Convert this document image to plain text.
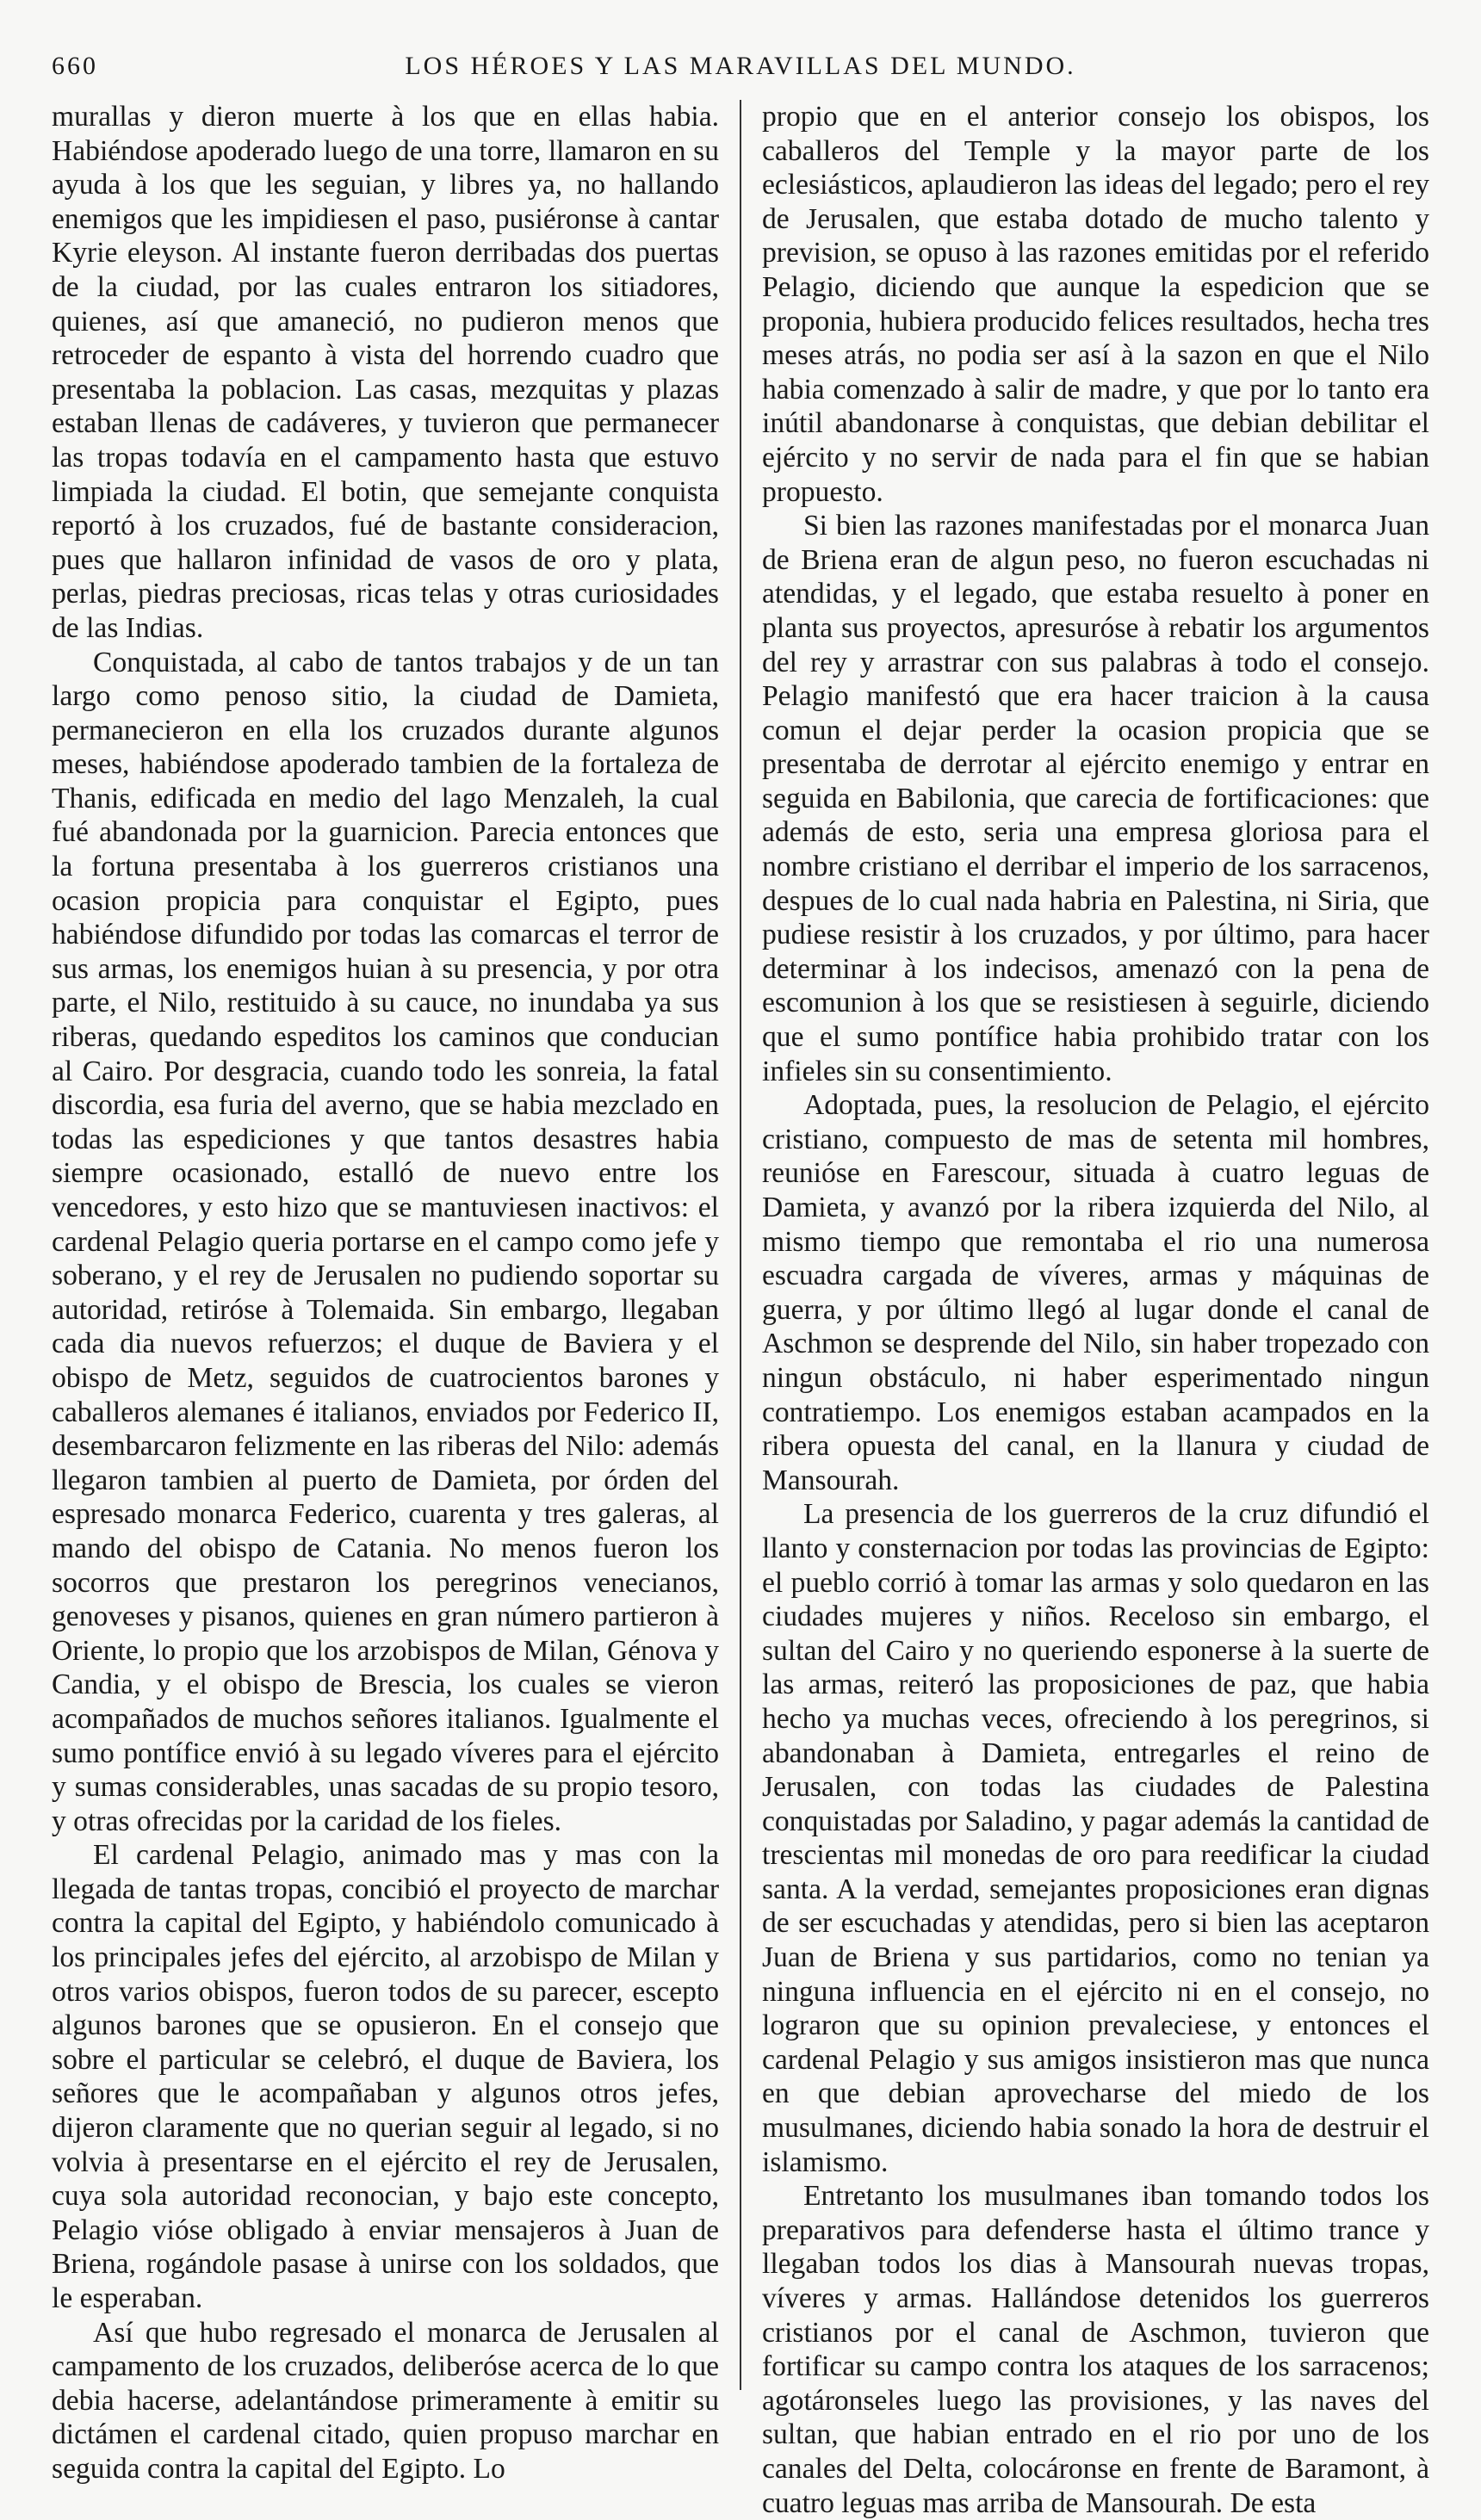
660	LOS HÉROES Y LAS MARAVILLAS DEL MUNDO.

murallas y dieron muerte à los que en ellas habia. Habiéndose apoderado luego de una torre, llamaron en su ayuda à los que les seguian, y libres ya, no hallando enemigos que les impidiesen el paso, pusiéronse à cantar Kyrie eleyson. Al instante fueron derribadas dos puertas de la ciudad, por las cuales entraron los sitiadores, quienes, así que amaneció, no pudieron menos que retroceder de espanto à vista del horrendo cuadro que presentaba la poblacion. Las casas, mezquitas y plazas estaban llenas de cadáveres, y tuvieron que permanecer las tropas todavía en el campamento hasta que estuvo limpiada la ciudad. El botin, que semejante conquista reportó à los cruzados, fué de bastante consideracion, pues que hallaron infinidad de vasos de oro y plata, perlas, piedras preciosas, ricas telas y otras curiosidades de las Indias.

Conquistada, al cabo de tantos trabajos y de un tan largo como penoso sitio, la ciudad de Damieta, permanecieron en ella los cruzados durante algunos meses, habiéndose apoderado tambien de la fortaleza de Thanis, edificada en medio del lago Menzaleh, la cual fué abandonada por la guarnicion. Parecia entonces que la fortuna presentaba à los guerreros cristianos una ocasion propicia para conquistar el Egipto, pues habiéndose difundido por todas las comarcas el terror de sus armas, los enemigos huian à su presencia, y por otra parte, el Nilo, restituido à su cauce, no inundaba ya sus riberas, quedando espeditos los caminos que conducian al Cairo. Por desgracia, cuando todo les sonreia, la fatal discordia, esa furia del averno, que se habia mezclado en todas las espediciones y que tantos desastres habia siempre ocasionado, estalló de nuevo entre los vencedores, y esto hizo que se mantuviesen inactivos: el cardenal Pelagio queria portarse en el campo como jefe y soberano, y el rey de Jerusalen no pudiendo soportar su autoridad, retiróse à Tolemaida. Sin embargo, llegaban cada dia nuevos refuerzos; el duque de Baviera y el obispo de Metz, seguidos de cuatrocientos barones y caballeros alemanes é italianos, enviados por Federico II, desembarcaron felizmente en las riberas del Nilo: además llegaron tambien al puerto de Damieta, por órden del espresado monarca Federico, cuarenta y tres galeras, al mando del obispo de Catania. No menos fueron los socorros que prestaron los peregrinos venecianos, genoveses y pisanos, quienes en gran número partieron à Oriente, lo propio que los arzobispos de Milan, Génova y Candia, y el obispo de Brescia, los cuales se vieron acompañados de muchos señores italianos. Igualmente el sumo pontífice envió à su legado víveres para el ejército y sumas considerables, unas sacadas de su propio tesoro, y otras ofrecidas por la caridad de los fieles.

El cardenal Pelagio, animado mas y mas con la llegada de tantas tropas, concibió el proyecto de marchar contra la capital del Egipto, y habiéndolo comunicado à los principales jefes del ejército, al arzobispo de Milan y otros varios obispos, fueron todos de su parecer, escepto algunos barones que se opusieron. En el consejo que sobre el particular se celebró, el duque de Baviera, los señores que le acompañaban y algunos otros jefes, dijeron claramente que no querian seguir al legado, si no volvia à presentarse en el ejército el rey de Jerusalen, cuya sola autoridad reconocian, y bajo este concepto, Pelagio vióse obligado à enviar mensajeros à Juan de Briena, rogándole pasase à unirse con los soldados, que le esperaban.

Así que hubo regresado el monarca de Jerusalen al campamento de los cruzados, deliberóse acerca de lo que debia hacerse, adelantándose primeramente à emitir su dictámen el cardenal citado, quien propuso marchar en seguida contra la capital del Egipto. Lo

propio que en el anterior consejo los obispos, los caballeros del Temple y la mayor parte de los eclesiásticos, aplaudieron las ideas del legado; pero el rey de Jerusalen, que estaba dotado de mucho talento y prevision, se opuso à las razones emitidas por el referido Pelagio, diciendo que aunque la espedicion que se proponia, hubiera producido felices resultados, hecha tres meses atrás, no podia ser así à la sazon en que el Nilo habia comenzado à salir de madre, y que por lo tanto era inútil abandonarse à conquistas, que debian debilitar el ejército y no servir de nada para el fin que se habian propuesto.

Si bien las razones manifestadas por el monarca Juan de Briena eran de algun peso, no fueron escuchadas ni atendidas, y el legado, que estaba resuelto à poner en planta sus proyectos, apresuróse à rebatir los argumentos del rey y arrastrar con sus palabras à todo el consejo. Pelagio manifestó que era hacer traicion à la causa comun el dejar perder la ocasion propicia que se presentaba de derrotar al ejército enemigo y entrar en seguida en Babilonia, que carecia de fortificaciones: que además de esto, seria una empresa gloriosa para el nombre cristiano el derribar el imperio de los sarracenos, despues de lo cual nada habria en Palestina, ni Siria, que pudiese resistir à los cruzados, y por último, para hacer determinar à los indecisos, amenazó con la pena de escomunion à los que se resistiesen à seguirle, diciendo que el sumo pontífice habia prohibido tratar con los infieles sin su consentimiento.

Adoptada, pues, la resolucion de Pelagio, el ejército cristiano, compuesto de mas de setenta mil hombres, reunióse en Farescour, situada à cuatro leguas de Damieta, y avanzó por la ribera izquierda del Nilo, al mismo tiempo que remontaba el rio una numerosa escuadra cargada de víveres, armas y máquinas de guerra, y por último llegó al lugar donde el canal de Aschmon se desprende del Nilo, sin haber tropezado con ningun obstáculo, ni haber esperimentado ningun contratiempo. Los enemigos estaban acampados en la ribera opuesta del canal, en la llanura y ciudad de Mansourah.

La presencia de los guerreros de la cruz difundió el llanto y consternacion por todas las provincias de Egipto: el pueblo corrió à tomar las armas y solo quedaron en las ciudades mujeres y niños. Receloso sin embargo, el sultan del Cairo y no queriendo esponerse à la suerte de las armas, reiteró las proposiciones de paz, que habia hecho ya muchas veces, ofreciendo à los peregrinos, si abandonaban à Damieta, entregarles el reino de Jerusalen, con todas las ciudades de Palestina conquistadas por Saladino, y pagar además la cantidad de trescientas mil monedas de oro para reedificar la ciudad santa. A la verdad, semejantes proposiciones eran dignas de ser escuchadas y atendidas, pero si bien las aceptaron Juan de Briena y sus partidarios, como no tenian ya ninguna influencia en el ejército ni en el consejo, no lograron que su opinion prevaleciese, y entonces el cardenal Pelagio y sus amigos insistieron mas que nunca en que debian aprovecharse del miedo de los musulmanes, diciendo habia sonado la hora de destruir el islamismo.

Entretanto los musulmanes iban tomando todos los preparativos para defenderse hasta el último trance y llegaban todos los dias à Mansourah nuevas tropas, víveres y armas. Hallándose detenidos los guerreros cristianos por el canal de Aschmon, tuvieron que fortificar su campo contra los ataques de los sarracenos; agotáronseles luego las provisiones, y las naves del sultan, que habian entrado en el rio por uno de los canales del Delta, colocáronse en frente de Baramont, à cuatro leguas mas arriba de Mansourah. De esta
